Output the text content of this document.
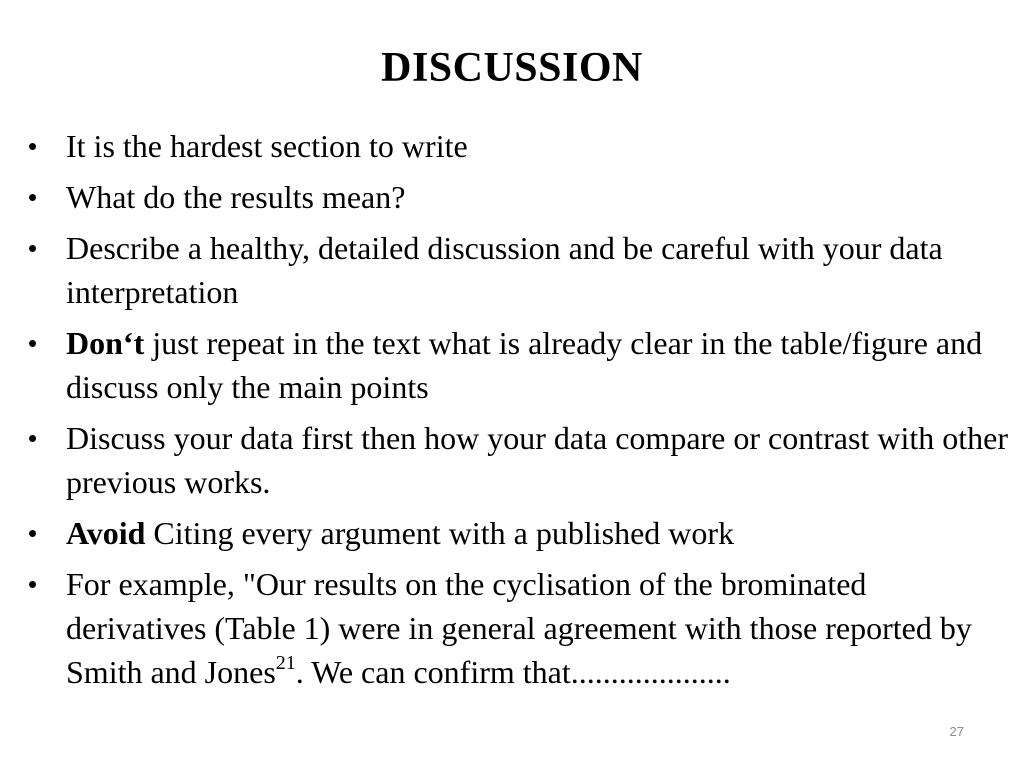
DISCUSSION
• It is the hardest section to write
• What do the results mean?
• Describe a healthy, detailed discussion and be careful with your data interpretation
• Don‘t just repeat in the text what is already clear in the table/figure and discuss only the main points
• Discuss your data first then how your data compare or contrast with other previous works.
• Avoid Citing every argument with a published work
• For example, "Our results on the cyclisation of the brominated derivatives (Table 1) were in general agreement with those reported by Smith and Jones$^{21}$. We can confirm that....................
27
